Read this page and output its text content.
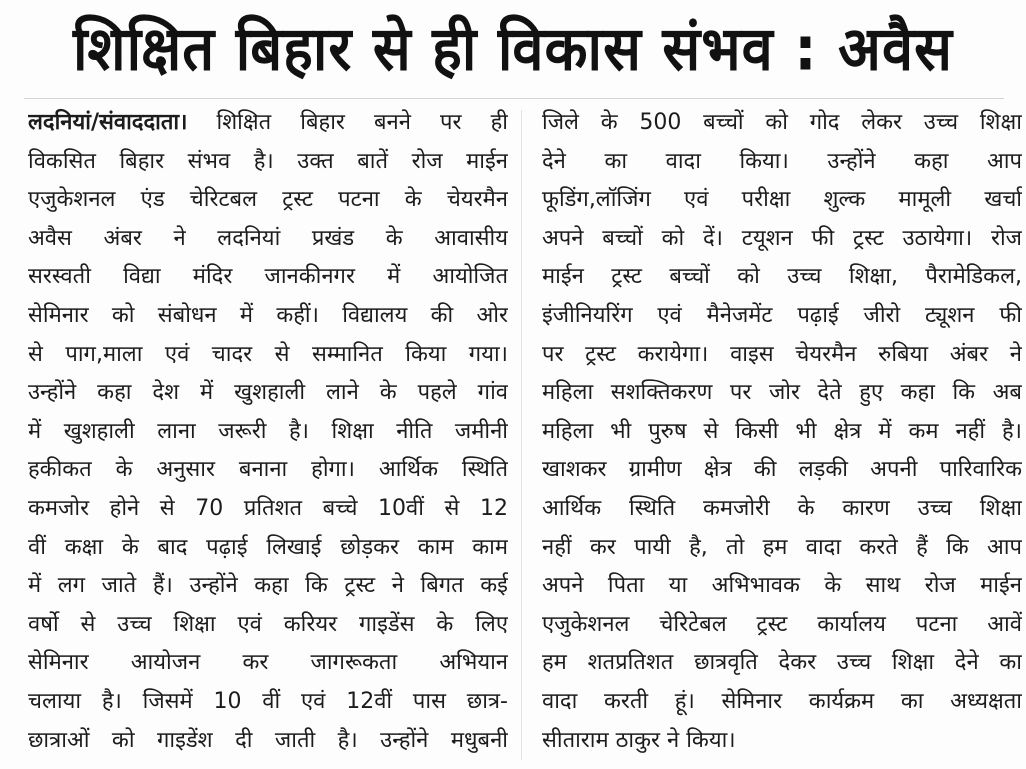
शिक्षित बिहार से ही विकास संभव : अवैस
लदनियां/संवाददाता। शिक्षित बिहार बनने पर ही
विकसित बिहार संभव है। उक्त बातें रोज माईन
एजुकेशनल एंड चेरिटबल ट्रस्ट पटना के चेयरमैन
अवैस अंबर ने लदनियां प्रखंड के आवासीय
सरस्वती विद्या मंदिर जानकीनगर में आयोजित
सेमिनार को संबोधन में कहीं। विद्यालय की ओर
से पाग,माला एवं चादर से सम्मानित किया गया।
उन्होंने कहा देश में खुशहाली लाने के पहले गांव
में खुशहाली लाना जरूरी है। शिक्षा नीति जमीनी
हकीकत के अनुसार बनाना होगा। आर्थिक स्थिति
कमजोर होने से 70 प्रतिशत बच्चे 10वीं से 12
वीं कक्षा के बाद पढ़ाई लिखाई छोड़कर काम काम
में लग जाते हैं। उन्होंने कहा कि ट्रस्ट ने बिगत कई
वर्षो से उच्च शिक्षा एवं करियर गाइडेंस के लिए
सेमिनार आयोजन कर जागरूकता अभियान
चलाया है। जिसमें 10 वीं एवं 12वीं पास छात्र-
छात्राओं को गाइडेंश दी जाती है। उन्होंने मधुबनी
जिले के 500 बच्चों को गोद लेकर उच्च शिक्षा
देने का वादा किया। उन्होंने कहा आप
फूडिंग,लॉजिंग एवं परीक्षा शुल्क मामूली खर्चा
अपने बच्चों को दें। टयूशन फी ट्रस्ट उठायेगा। रोज
माईन ट्रस्ट बच्चों को उच्च शिक्षा, पैरामेडिकल,
इंजीनियरिंग एवं मैनेजमेंट पढ़ाई जीरो ट्यूशन फी
पर ट्रस्ट करायेगा। वाइस चेयरमैन रुबिया अंबर ने
महिला सशक्तिकरण पर जोर देते हुए कहा कि अब
महिला भी पुरुष से किसी भी क्षेत्र में कम नहीं है।
खाशकर ग्रामीण क्षेत्र की लड़की अपनी पारिवारिक
आर्थिक स्थिति कमजोरी के कारण उच्च शिक्षा
नहीं कर पायी है, तो हम वादा करते हैं कि आप
अपने पिता या अभिभावक के साथ रोज माईन
एजुकेशनल चेरिटेबल ट्रस्ट कार्यालय पटना आवें
हम शतप्रतिशत छात्रवृति देकर उच्च शिक्षा देने का
वादा करती हूं। सेमिनार कार्यक्रम का अध्यक्षता
सीताराम ठाकुर ने किया।
